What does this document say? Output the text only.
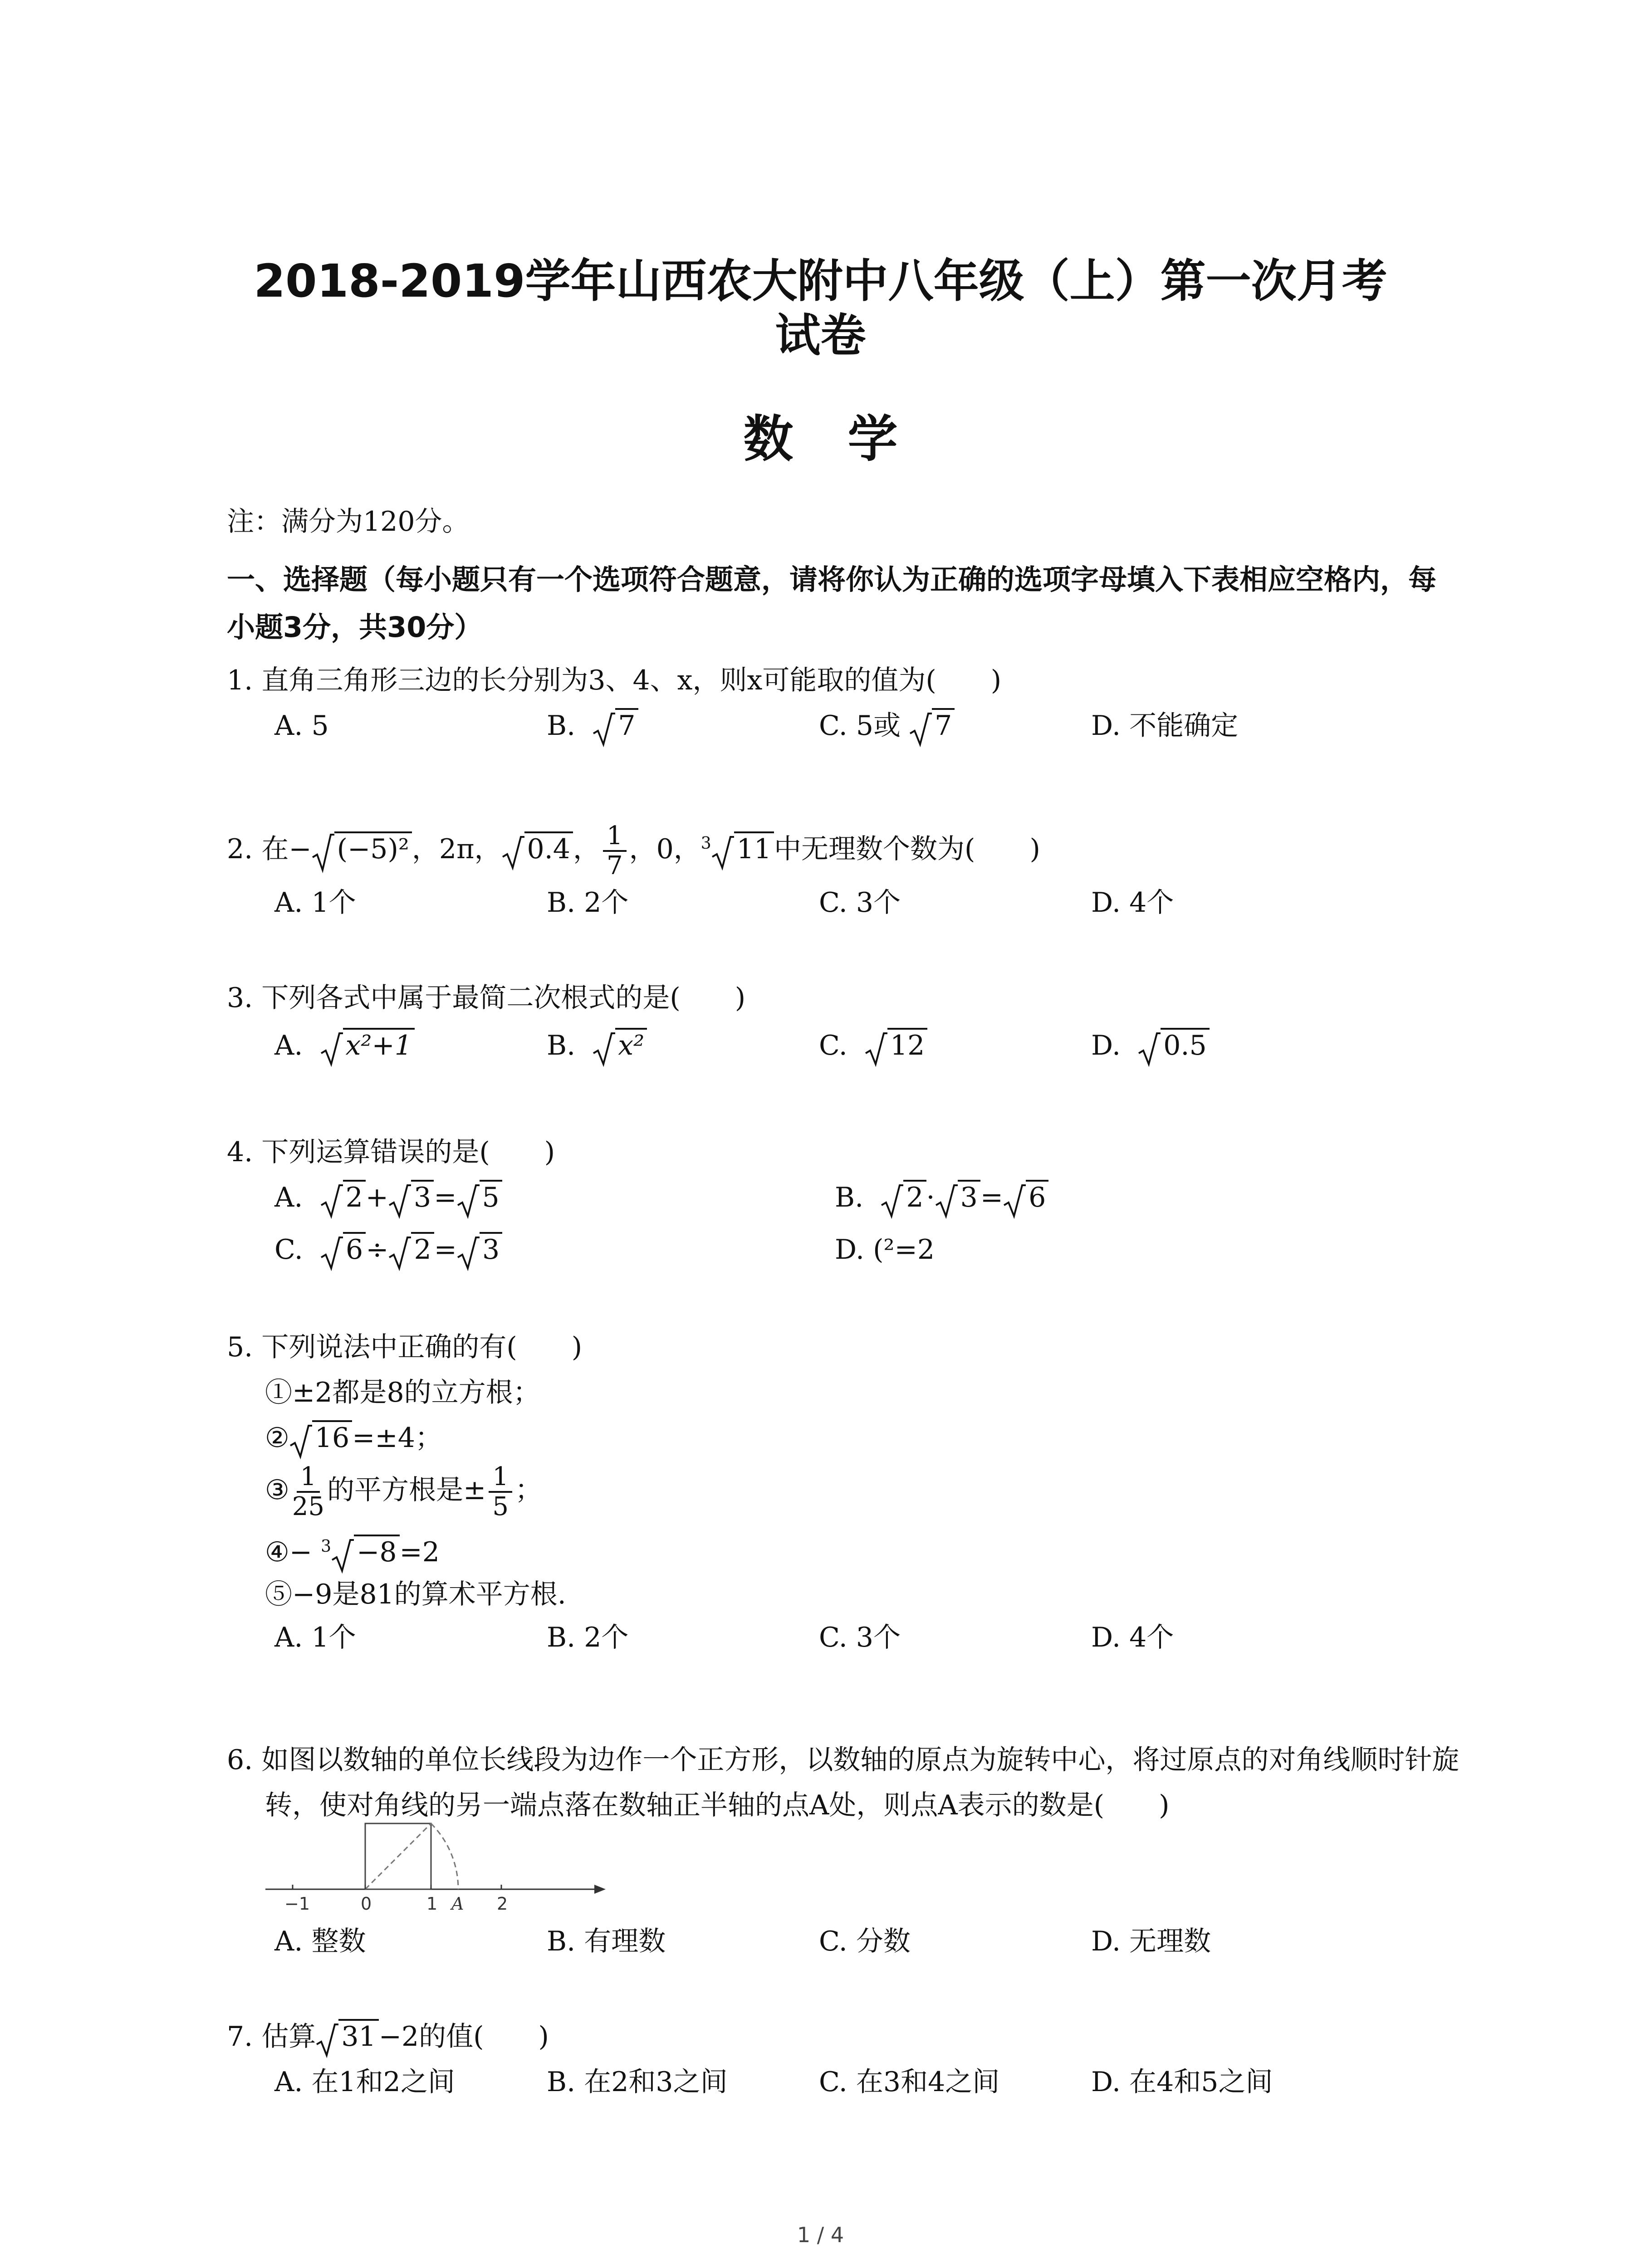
2018-2019学年山西农大附中八年级（上）第一次月考
试卷
数学
注：满分为120分。
一、选择题（每小题只有一个选项符合题意，请将你认为正确的选项字母填入下表相应空格内，每小题3分，共30分）
1. 直角三角形三边的长分别为3、4、x，则x可能取的值为(　　)
A. 5	B. 7	C. 5或 7	D. 不能确定
2. 在− (−5)² ，2π， 0.4 ， $\frac{1}{7}$ ，0，$^3$ 11 中无理数个数为(　　)
A. 1个	B. 2个	C. 3个	D. 4个
3. 下列各式中属于最简二次根式的是(　　)
A. x²+1	B. x²	C. 12	D. 0.5
4. 下列运算错误的是(　　)
A. 2 + 3 = 5	B. 2 · 3 = 6
C. 6 ÷ 2 = 3	D. (²=2
5. 下列说法中正确的有(　　)
①±2都是8的立方根；
② 16 =±4；
③ $\frac{1}{25}$ 的平方根是± $\frac{1}{5}$ ；
④− $^3$ −8 =2
⑤−9是81的算术平方根.
A. 1个	B. 2个	C. 3个	D. 4个
6. 如图以数轴的单位长线段为边作一个正方形，以数轴的原点为旋转中心，将过原点的对角线顺时针旋转，使对角线的另一端点落在数轴正半轴的点A处，则点A表示的数是(　　)
−1	0	1 A 2
A. 整数	B. 有理数	C. 分数	D. 无理数
7. 估算 31 −2的值(　　)
A. 在1和2之间	B. 在2和3之间	C. 在3和4之间	D. 在4和5之间
1 / 4
